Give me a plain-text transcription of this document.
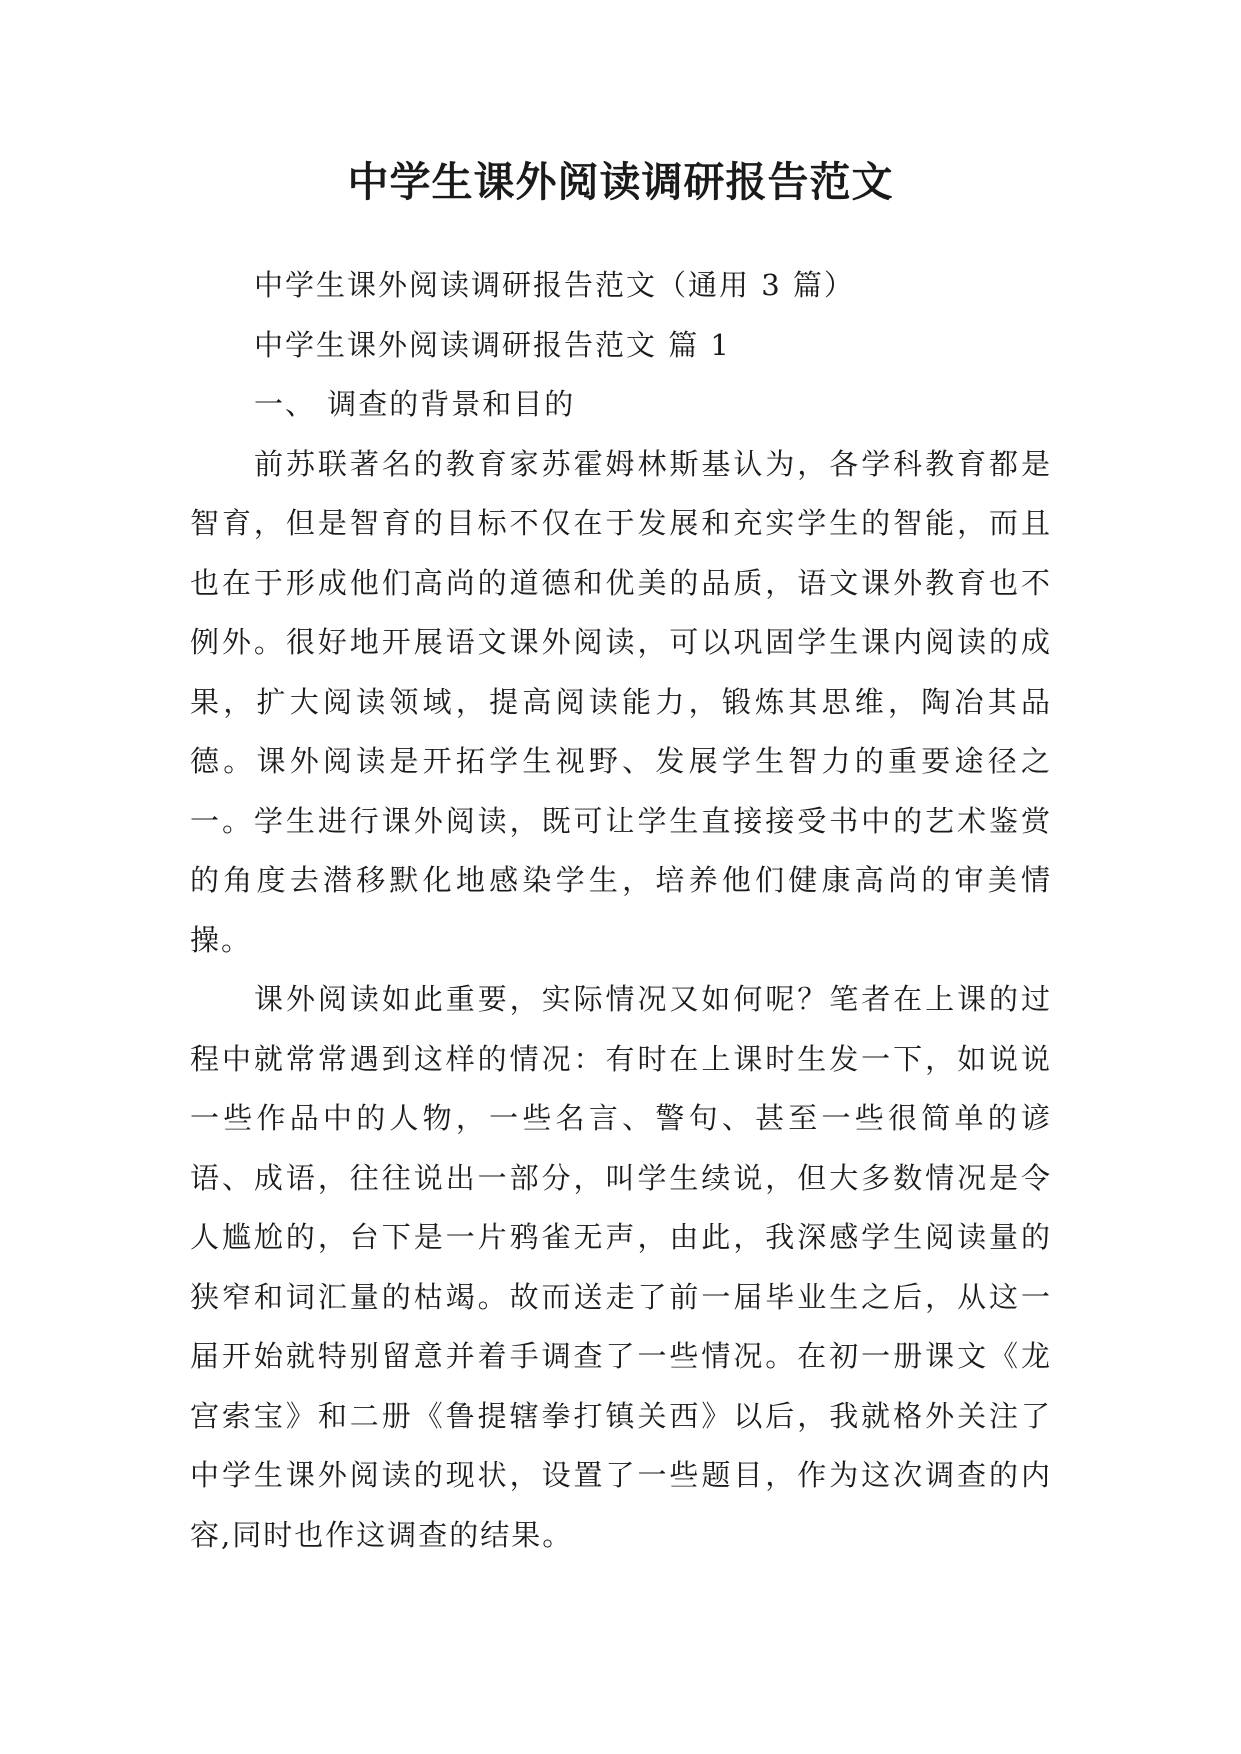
中学生课外阅读调研报告范文

中学生课外阅读调研报告范文（通用 3 篇）

中学生课外阅读调研报告范文 篇 1

一、 调查的背景和目的

前苏联著名的教育家苏霍姆林斯基认为，各学科教育都是智育，但是智育的目标不仅在于发展和充实学生的智能，而且也在于形成他们高尚的道德和优美的品质，语文课外教育也不例外。很好地开展语文课外阅读，可以巩固学生课内阅读的成果，扩大阅读领域，提高阅读能力，锻炼其思维，陶冶其品德。课外阅读是开拓学生视野、发展学生智力的重要途径之一。学生进行课外阅读，既可让学生直接接受书中的艺术鉴赏的角度去潜移默化地感染学生，培养他们健康高尚的审美情操。

课外阅读如此重要，实际情况又如何呢？笔者在上课的过程中就常常遇到这样的情况：有时在上课时生发一下，如说说一些作品中的人物，一些名言、警句、甚至一些很简单的谚语、成语，往往说出一部分，叫学生续说，但大多数情况是令人尴尬的，台下是一片鸦雀无声，由此，我深感学生阅读量的狭窄和词汇量的枯竭。故而送走了前一届毕业生之后，从这一届开始就特别留意并着手调查了一些情况。在初一册课文《龙宫索宝》和二册《鲁提辖拳打镇关西》以后，我就格外关注了中学生课外阅读的现状，设置了一些题目，作为这次调查的内容,同时也作这调查的结果。
